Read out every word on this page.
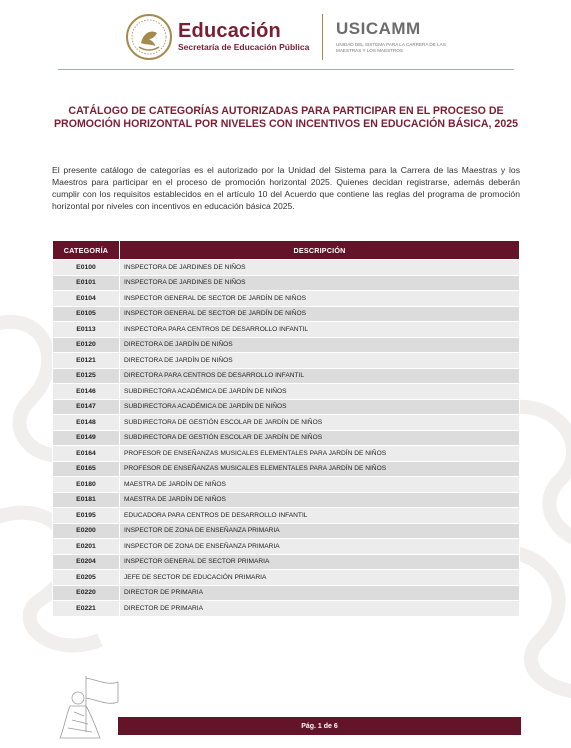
Educación
Secretaría de Educación Pública
USICAMM
UNIDAD DEL SISTEMA PARA LA CARRERA DE LAS MAESTRAS Y LOS MAESTROS
CATÁLOGO DE CATEGORÍAS AUTORIZADAS PARA PARTICIPAR EN EL PROCESO DE PROMOCIÓN HORIZONTAL POR NIVELES CON INCENTIVOS EN EDUCACIÓN BÁSICA, 2025
El presente catálogo de categorías es el autorizado por la Unidad del Sistema para la Carrera de las Maestras y los Maestros para participar en el proceso de promoción horizontal 2025. Quienes decidan registrarse, además deberán cumplir con los requisitos establecidos en el artículo 10 del Acuerdo que contiene las reglas del programa de promoción horizontal por niveles con incentivos en educación básica 2025.
CATEGORÍA	DESCRIPCIÓN
E0100	INSPECTORA DE JARDINES DE NIÑOS
E0101	INSPECTORA DE JARDINES DE NIÑOS
E0104	INSPECTOR GENERAL DE SECTOR DE JARDÍN DE NIÑOS
E0105	INSPECTOR GENERAL DE SECTOR DE JARDÍN DE NIÑOS
E0113	INSPECTORA PARA CENTROS DE DESARROLLO INFANTIL
E0120	DIRECTORA DE JARDÍN DE NIÑOS
E0121	DIRECTORA DE JARDÍN DE NIÑOS
E0125	DIRECTORA PARA CENTROS DE DESARROLLO INFANTIL
E0146	SUBDIRECTORA ACADÉMICA DE JARDÍN DE NIÑOS
E0147	SUBDIRECTORA ACADÉMICA DE JARDÍN DE NIÑOS
E0148	SUBDIRECTORA DE GESTIÓN ESCOLAR DE JARDÍN DE NIÑOS
E0149	SUBDIRECTORA DE GESTIÓN ESCOLAR DE JARDÍN DE NIÑOS
E0164	PROFESOR DE ENSEÑANZAS MUSICALES ELEMENTALES PARA JARDÍN DE NIÑOS
E0165	PROFESOR DE ENSEÑANZAS MUSICALES ELEMENTALES PARA JARDÍN DE NIÑOS
E0180	MAESTRA DE JARDÍN DE NIÑOS
E0181	MAESTRA DE JARDÍN DE NIÑOS
E0195	EDUCADORA PARA CENTROS DE DESARROLLO INFANTIL
E0200	INSPECTOR DE ZONA DE ENSEÑANZA PRIMARIA
E0201	INSPECTOR DE ZONA DE ENSEÑANZA PRIMARIA
E0204	INSPECTOR GENERAL DE SECTOR PRIMARIA
E0205	JEFE DE SECTOR DE EDUCACIÓN PRIMARIA
E0220	DIRECTOR DE PRIMARIA
E0221	DIRECTOR DE PRIMARIA
Pág. 1 de 6
